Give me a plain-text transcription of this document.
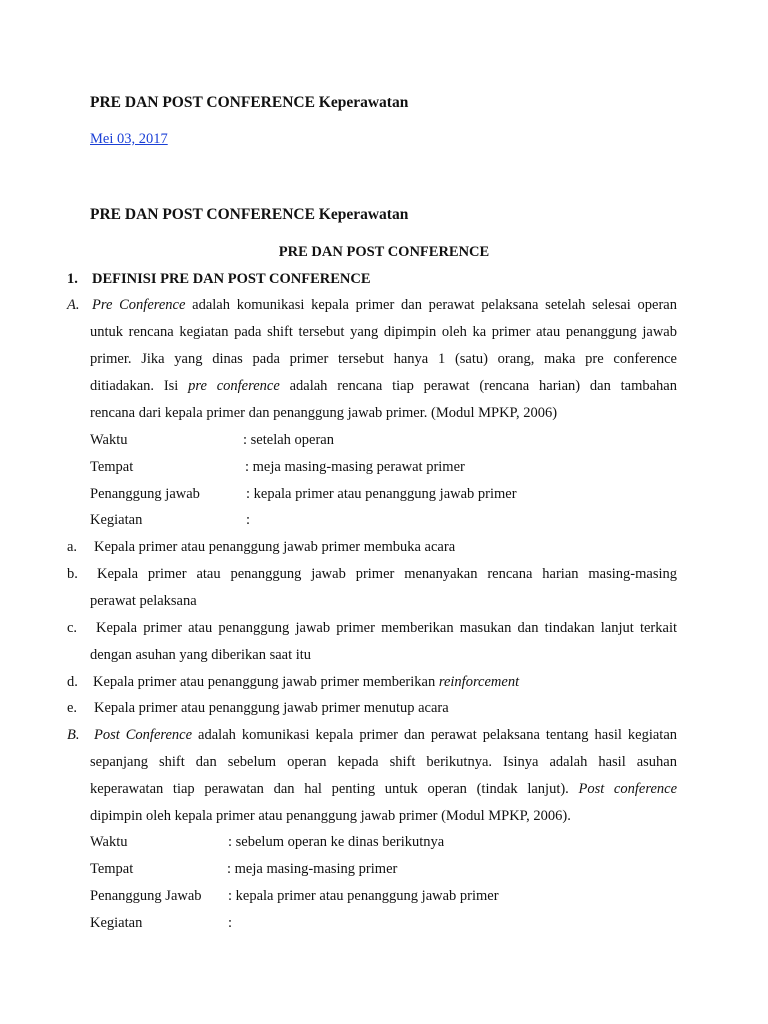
PRE DAN POST CONFERENCE Keperawatan
Mei 03, 2017
PRE DAN POST CONFERENCE Keperawatan
PRE DAN POST CONFERENCE
1. DEFINISI PRE DAN POST CONFERENCE
A. Pre Conference adalah komunikasi kepala primer dan perawat pelaksana setelah selesai operan
untuk rencana kegiatan pada shift tersebut yang dipimpin oleh ka primer atau penanggung jawab
primer. Jika yang dinas pada primer tersebut hanya 1 (satu) orang, maka pre conference
ditiadakan. Isi pre conference adalah rencana tiap perawat (rencana harian) dan tambahan
rencana dari kepala primer dan penanggung jawab primer. (Modul MPKP, 2006)
Waktu	: setelah operan
Tempat	: meja masing-masing perawat primer
Penanggung jawab	: kepala primer atau penanggung jawab primer
Kegiatan	:
a. Kepala primer atau penanggung jawab primer membuka acara
b. Kepala primer atau penanggung jawab primer menanyakan rencana harian masing-masing
perawat pelaksana
c. Kepala primer atau penanggung jawab primer memberikan masukan dan tindakan lanjut terkait
dengan asuhan yang diberikan saat itu
d. Kepala primer atau penanggung jawab primer memberikan reinforcement
e. Kepala primer atau penanggung jawab primer menutup acara
B. Post Conference adalah komunikasi kepala primer dan perawat pelaksana tentang hasil kegiatan
sepanjang shift dan sebelum operan kepada shift berikutnya. Isinya adalah hasil asuhan
keperawatan tiap perawatan dan hal penting untuk operan (tindak lanjut). Post conference
dipimpin oleh kepala primer atau penanggung jawab primer (Modul MPKP, 2006).
Waktu	: sebelum operan ke dinas berikutnya
Tempat	: meja masing-masing primer
Penanggung Jawab : kepala primer atau penanggung jawab primer
Kegiatan	:
